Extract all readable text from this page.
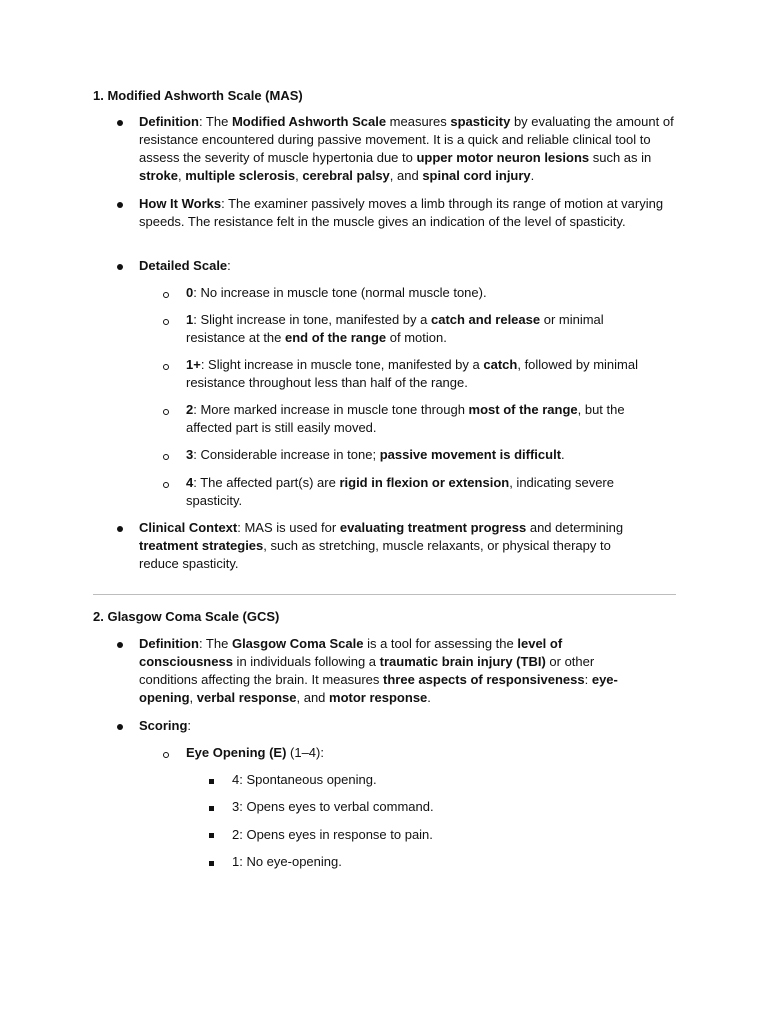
1. Modified Ashworth Scale (MAS)

Definition: The Modified Ashworth Scale measures spasticity by evaluating the amount of resistance encountered during passive movement. It is a quick and reliable clinical tool to assess the severity of muscle hypertonia due to upper motor neuron lesions such as in stroke, multiple sclerosis, cerebral palsy, and spinal cord injury.

How It Works: The examiner passively moves a limb through its range of motion at varying speeds. The resistance felt in the muscle gives an indication of the level of spasticity.

Detailed Scale:

0: No increase in muscle tone (normal muscle tone).

1: Slight increase in tone, manifested by a catch and release or minimal resistance at the end of the range of motion.

1+: Slight increase in muscle tone, manifested by a catch, followed by minimal resistance throughout less than half of the range.

2: More marked increase in muscle tone through most of the range, but the affected part is still easily moved.

3: Considerable increase in tone; passive movement is difficult.

4: The affected part(s) are rigid in flexion or extension, indicating severe spasticity.

Clinical Context: MAS is used for evaluating treatment progress and determining treatment strategies, such as stretching, muscle relaxants, or physical therapy to reduce spasticity.

2. Glasgow Coma Scale (GCS)

Definition: The Glasgow Coma Scale is a tool for assessing the level of consciousness in individuals following a traumatic brain injury (TBI) or other conditions affecting the brain. It measures three aspects of responsiveness: eye-opening, verbal response, and motor response.

Scoring:

Eye Opening (E) (1–4):

4: Spontaneous opening.
3: Opens eyes to verbal command.
2: Opens eyes in response to pain.
1: No eye-opening.
